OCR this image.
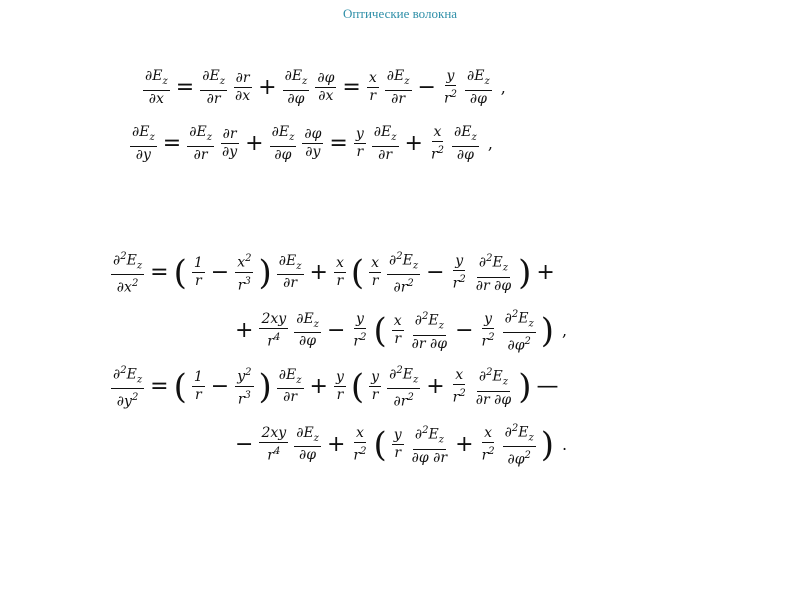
Оптические волокна
$\frac{\partial E_z}{\partial x} = \frac{\partial E_z}{\partial r} \frac{\partial r}{\partial x} + \frac{\partial E_z}{\partial\varphi} \frac{\partial\varphi}{\partial x} = \frac{x}{r} \frac{\partial E_z}{\partial r} - \frac{y}{r^2} \frac{\partial E_z}{\partial\varphi}$ ,
$\frac{\partial E_z}{\partial y} = \frac{\partial E_z}{\partial r} \frac{\partial r}{\partial y} + \frac{\partial E_z}{\partial\varphi} \frac{\partial\varphi}{\partial y} = \frac{y}{r} \frac{\partial E_z}{\partial r} + \frac{x}{r^2} \frac{\partial E_z}{\partial\varphi}$ ,
$\frac{\partial^2E_z}{\partial x^2}$ = ( $\frac{1}{r} - \frac{x^2}{r^3}$ ) $\frac{\partial E_z}{\partial r} + \frac{x}{r}$ ( $\frac{x}{r} \frac{\partial^2E_z}{\partial r^2} - \frac{y}{r^2} \frac{\partial^2E_z}{\partial r \partial\varphi}$ ) +
+ $\frac{2xy}{r^4} \frac{\partial E_z}{\partial\varphi} - \frac{y}{r^2}$ ( $\frac{x}{r} \frac{\partial^2E_z}{\partial r \partial\varphi} - \frac{y}{r^2} \frac{\partial^2E_z}{\partial\varphi^2}$ ) ,
$\frac{\partial^2E_z}{\partial y^2}$ = ( $\frac{1}{r} - \frac{y^2}{r^3}$ ) $\frac{\partial E_z}{\partial r} + \frac{y}{r}$ ( $\frac{y}{r} \frac{\partial^2E_z}{\partial r^2} + \frac{x}{r^2} \frac{\partial^2E_z}{\partial r \partial\varphi}$ ) —
− $\frac{2xy}{r^4} \frac{\partial E_z}{\partial\varphi} + \frac{x}{r^2}$ ( $\frac{y}{r} \frac{\partial^2E_z}{\partial\varphi \partial r} + \frac{x}{r^2} \frac{\partial^2E_z}{\partial\varphi^2}$ ) .
